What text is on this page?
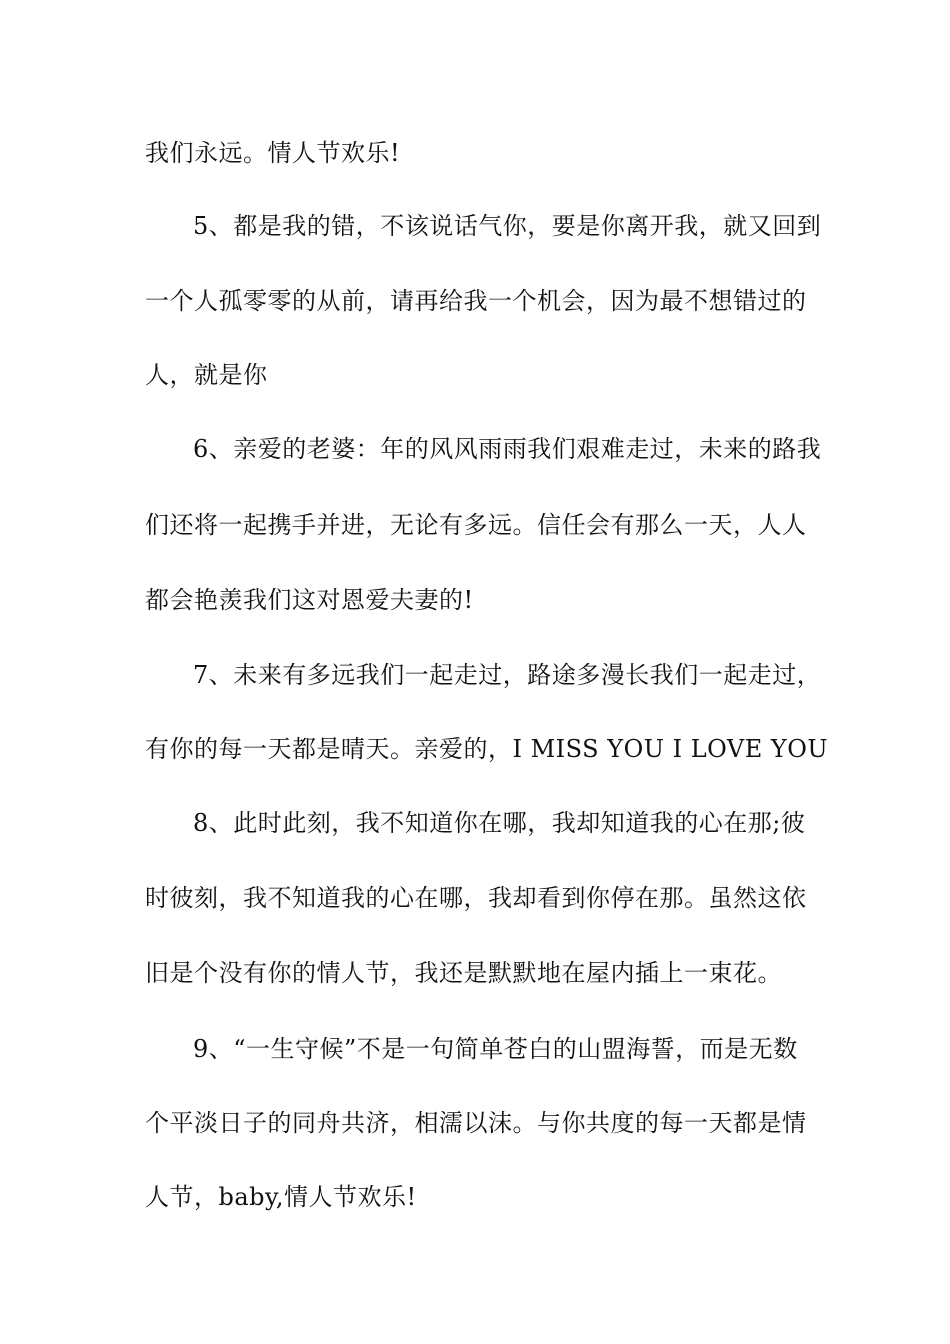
我们永远。情人节欢乐!
5、都是我的错，不该说话气你，要是你离开我，就又回到
一个人孤零零的从前，请再给我一个机会，因为最不想错过的
人，就是你
6、亲爱的老婆：年的风风雨雨我们艰难走过，未来的路我
们还将一起携手并进，无论有多远。信任会有那么一天，人人
都会艳羡我们这对恩爱夫妻的!
7、未来有多远我们一起走过，路途多漫长我们一起走过，
有你的每一天都是晴天。亲爱的，I MISS YOU I LOVE YOU
8、此时此刻，我不知道你在哪，我却知道我的心在那;彼
时彼刻，我不知道我的心在哪，我却看到你停在那。虽然这依
旧是个没有你的情人节，我还是默默地在屋内插上一束花。
9、“一生守候”不是一句简单苍白的山盟海誓，而是无数
个平淡日子的同舟共济，相濡以沫。与你共度的每一天都是情
人节，baby,情人节欢乐!
